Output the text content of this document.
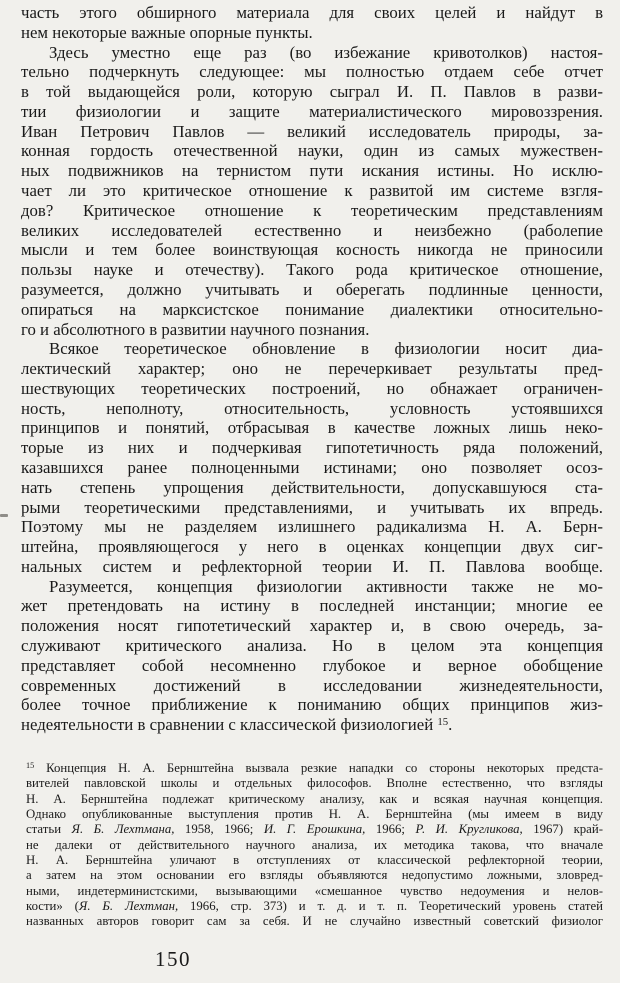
часть этого обширного материала для своих целей и найдут в
нем некоторые важные опорные пункты.
Здесь уместно еще раз (во избежание кривотолков) настоя-
тельно подчеркнуть следующее: мы полностью отдаем себе отчет
в той выдающейся роли, которую сыграл И. П. Павлов в разви-
тии физиологии и защите материалистического мировоззрения.
Иван Петрович Павлов — великий исследователь природы, за-
конная гордость отечественной науки, один из самых мужествен-
ных подвижников на тернистом пути искания истины. Но исклю-
чает ли это критическое отношение к развитой им системе взгля-
дов? Критическое отношение к теоретическим представлениям
великих исследователей естественно и неизбежно (раболепие
мысли и тем более воинствующая косность никогда не приносили
пользы науке и отечеству). Такого рода критическое отношение,
разумеется, должно учитывать и оберегать подлинные ценности,
опираться на марксистское понимание диалектики относительно-
го и абсолютного в развитии научного познания.
Всякое теоретическое обновление в физиологии носит диа-
лектический характер; оно не перечеркивает результаты пред-
шествующих теоретических построений, но обнажает ограничен-
ность, неполноту, относительность, условность устоявшихся
принципов и понятий, отбрасывая в качестве ложных лишь неко-
торые из них и подчеркивая гипотетичность ряда положений,
казавшихся ранее полноценными истинами; оно позволяет осоз-
нать степень упрощения действительности, допускавшуюся ста-
рыми теоретическими представлениями, и учитывать их впредь.
Поэтому мы не разделяем излишнего радикализма Н. А. Берн-
штейна, проявляющегося у него в оценках концепции двух сиг-
нальных систем и рефлекторной теории И. П. Павлова вообще.
Разумеется, концепция физиологии активности также не мо-
жет претендовать на истину в последней инстанции; многие ее
положения носят гипотетический характер и, в свою очередь, за-
служивают критического анализа. Но в целом эта концепция
представляет собой несомненно глубокое и верное обобщение
современных достижений в исследовании жизнедеятельности,
более точное приближение к пониманию общих принципов жиз-
недеятельности в сравнении с классической физиологией $^{15}$.
$^{15}$ Концепция Н. А. Бернштейна вызвала резкие нападки со стороны некоторых предста-
вителей павловской школы и отдельных философов. Вполне естественно, что взгляды
Н. А. Бернштейна подлежат критическому анализу, как и всякая научная концепция.
Однако опубликованные выступления против Н. А. Бернштейна (мы имеем в виду
статьи Я. Б. Лехтмана, 1958, 1966; И. Г. Ерошкина, 1966; Р. И. Кругликова, 1967) край-
не далеки от действительного научного анализа, их методика такова, что вначале
Н. А. Бернштейна уличают в отступлениях от классической рефлекторной теории,
а затем на этом основании его взгляды объявляются недопустимо ложными, зловред-
ными, индетерминистскими, вызывающими «смешанное чувство недоумения и нелов-
кости» (Я. Б. Лехтман, 1966, стр. 373) и т. д. и т. п. Теоретический уровень статей
названных авторов говорит сам за себя. И не случайно известный советский физиолог
150
